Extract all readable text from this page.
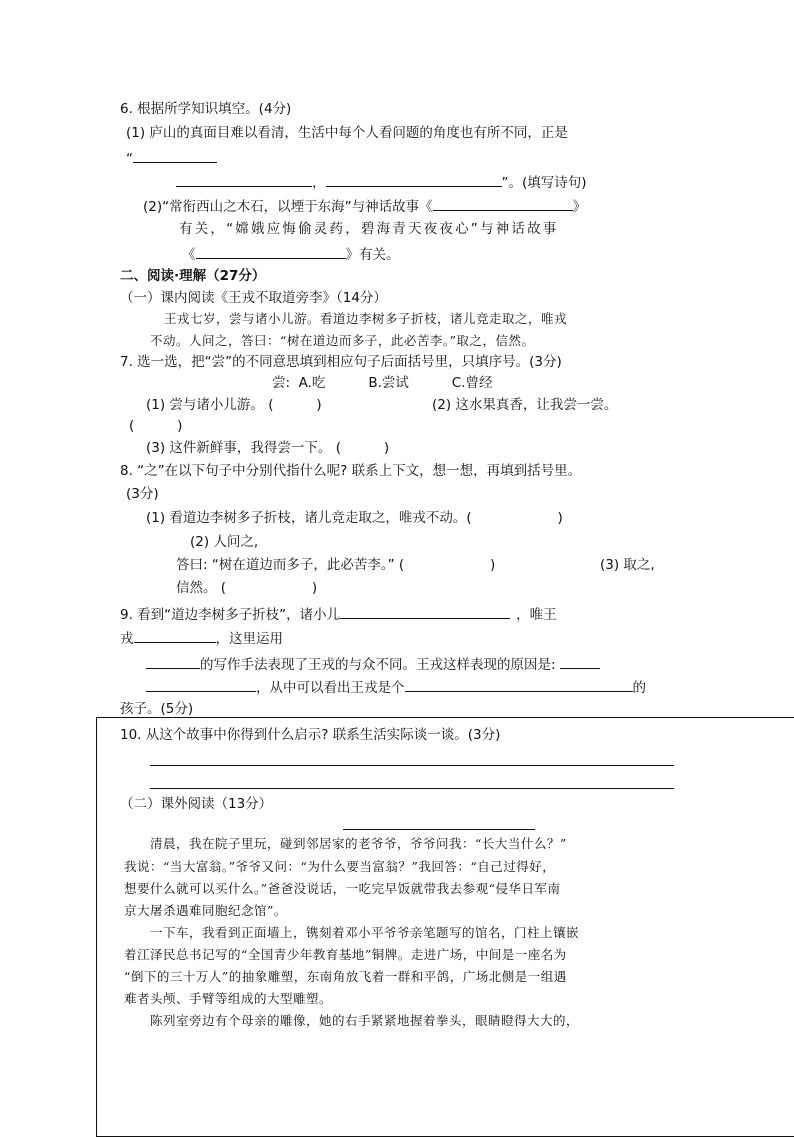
6. 根据所学知识填空。(4分)
(1) 庐山的真面目难以看清，生活中每个人看问题的角度也有所不同，正是
“
，	”。(填写诗句)
(2)“常衔西山之木石，以堙于东海”与神话故事《	》
有关，“嫦娥应悔偷灵药，碧海青天夜夜心”与神话故事
《	》有关。
二、阅读·理解（27分）
（一）课内阅读《王戎不取道旁李》（14分）
王戎七岁，尝与诸小儿游。看道边李树多子折枝，诸儿竞走取之，唯戎
不动。人问之，答曰：“树在道边而多子，此必苦李。”取之，信然。
7. 选一选，把“尝”的不同意思填到相应句子后面括号里，只填序号。(3分)
尝:  A.吃          B.尝试          C.曾经
(1) 尝与诸小儿游。 (          )	(2) 这水果真香，让我尝一尝。
(          )
(3) 这件新鲜事，我得尝一下。 (          )
8. “之”在以下句子中分别代指什么呢? 联系上下文，想一想，再填到括号里。
(3分)
(1) 看道边李树多子折枝，诸儿竞走取之，唯戎不动。(                    )
(2) 人问之,
答曰: “树在道边而多子，此必苦李。” (                    )	(3) 取之,
信然。 (                    )
9. 看到“道边李树多子折枝”，诸小儿	，唯王
戎	，这里运用
的写作手法表现了王戎的与众不同。王戎这样表现的原因是:
，从中可以看出王戎是个	的
孩子。(5分)
10. 从这个故事中你得到什么启示? 联系生活实际谈一谈。(3分)
（二）课外阅读（13分）
清晨，我在院子里玩，碰到邻居家的老爷爷，爷爷问我：“长大当什么？”
我说：“当大富翁。”爷爷又问：“为什么要当富翁？”我回答：“自己过得好，
想要什么就可以买什么。”爸爸没说话，一吃完早饭就带我去参观“侵华日军南
京大屠杀遇难同胞纪念馆”。
一下车，我看到正面墙上，镌刻着邓小平爷爷亲笔题写的馆名，门柱上镶嵌
着江泽民总书记写的“全国青少年教育基地”铜牌。走进广场，中间是一座名为
“倒下的三十万人”的抽象雕塑，东南角放飞着一群和平鸽，广场北侧是一组遇
难者头颅、手臂等组成的大型雕塑。
陈列室旁边有个母亲的雕像，她的右手紧紧地握着拳头，眼睛瞪得大大的，
